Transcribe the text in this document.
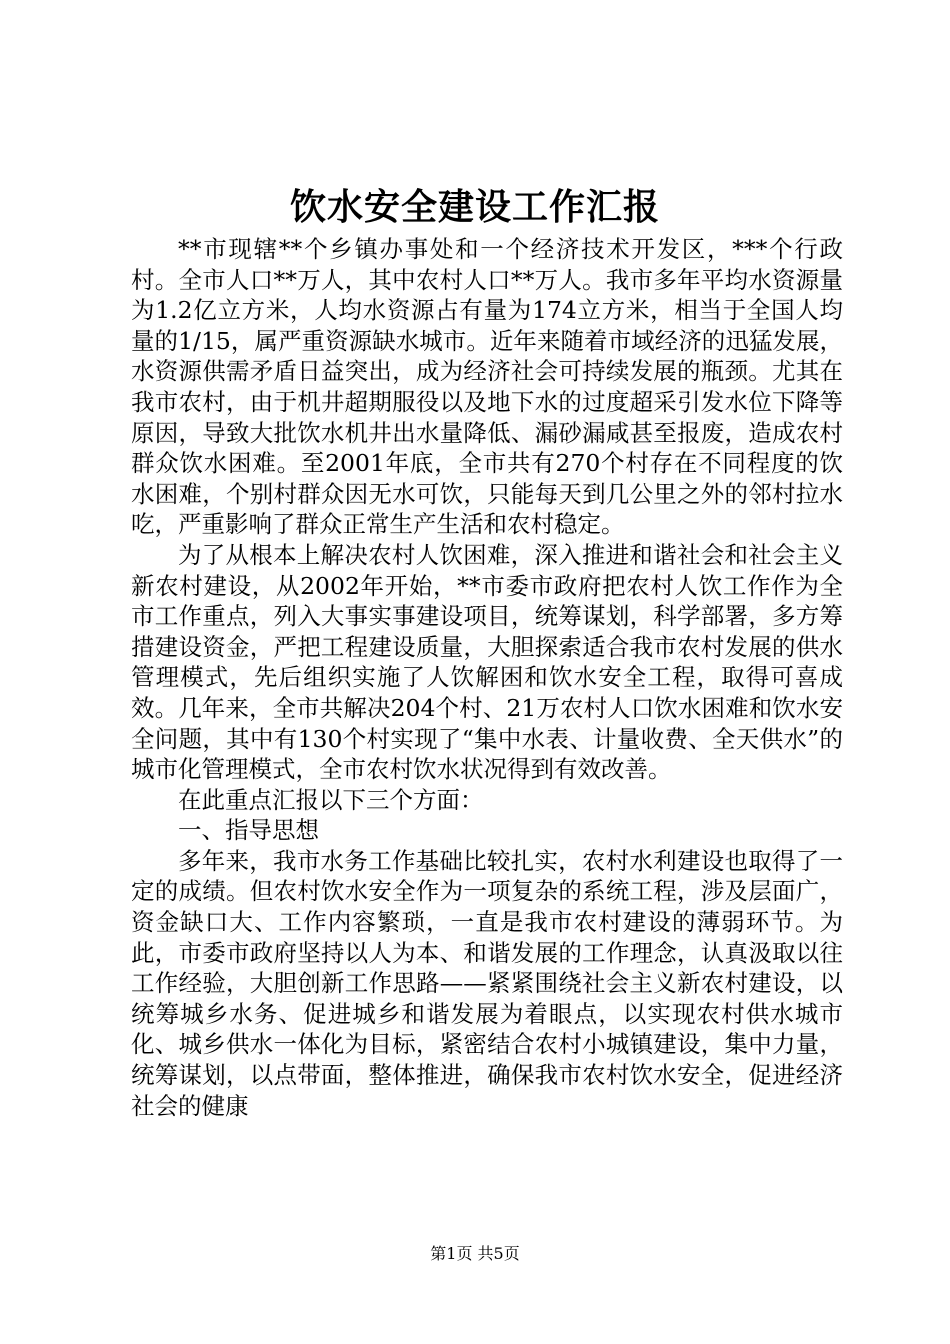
饮水安全建设工作汇报

**市现辖**个乡镇办事处和一个经济技术开发区，***个行政村。全市人口**万人，其中农村人口**万人。我市多年平均水资源量为1.2亿立方米，人均水资源占有量为174立方米，相当于全国人均量的1/15，属严重资源缺水城市。近年来随着市域经济的迅猛发展，水资源供需矛盾日益突出，成为经济社会可持续发展的瓶颈。尤其在我市农村，由于机井超期服役以及地下水的过度超采引发水位下降等原因，导致大批饮水机井出水量降低、漏砂漏咸甚至报废，造成农村群众饮水困难。至2001年底，全市共有270个村存在不同程度的饮水困难，个别村群众因无水可饮，只能每天到几公里之外的邻村拉水吃，严重影响了群众正常生产生活和农村稳定。

为了从根本上解决农村人饮困难，深入推进和谐社会和社会主义新农村建设，从2002年开始，**市委市政府把农村人饮工作作为全市工作重点，列入大事实事建设项目，统筹谋划，科学部署，多方筹措建设资金，严把工程建设质量，大胆探索适合我市农村发展的供水管理模式，先后组织实施了人饮解困和饮水安全工程，取得可喜成效。几年来，全市共解决204个村、21万农村人口饮水困难和饮水安全问题，其中有130个村实现了“集中水表、计量收费、全天供水”的城市化管理模式，全市农村饮水状况得到有效改善。

在此重点汇报以下三个方面：

一、指导思想

多年来，我市水务工作基础比较扎实，农村水利建设也取得了一定的成绩。但农村饮水安全作为一项复杂的系统工程，涉及层面广，资金缺口大、工作内容繁琐，一直是我市农村建设的薄弱环节。为此，市委市政府坚持以人为本、和谐发展的工作理念，认真汲取以往工作经验，大胆创新工作思路——紧紧围绕社会主义新农村建设，以统筹城乡水务、促进城乡和谐发展为着眼点，以实现农村供水城市化、城乡供水一体化为目标，紧密结合农村小城镇建设，集中力量，统筹谋划，以点带面，整体推进，确保我市农村饮水安全，促进经济社会的健康

第1页 共5页
